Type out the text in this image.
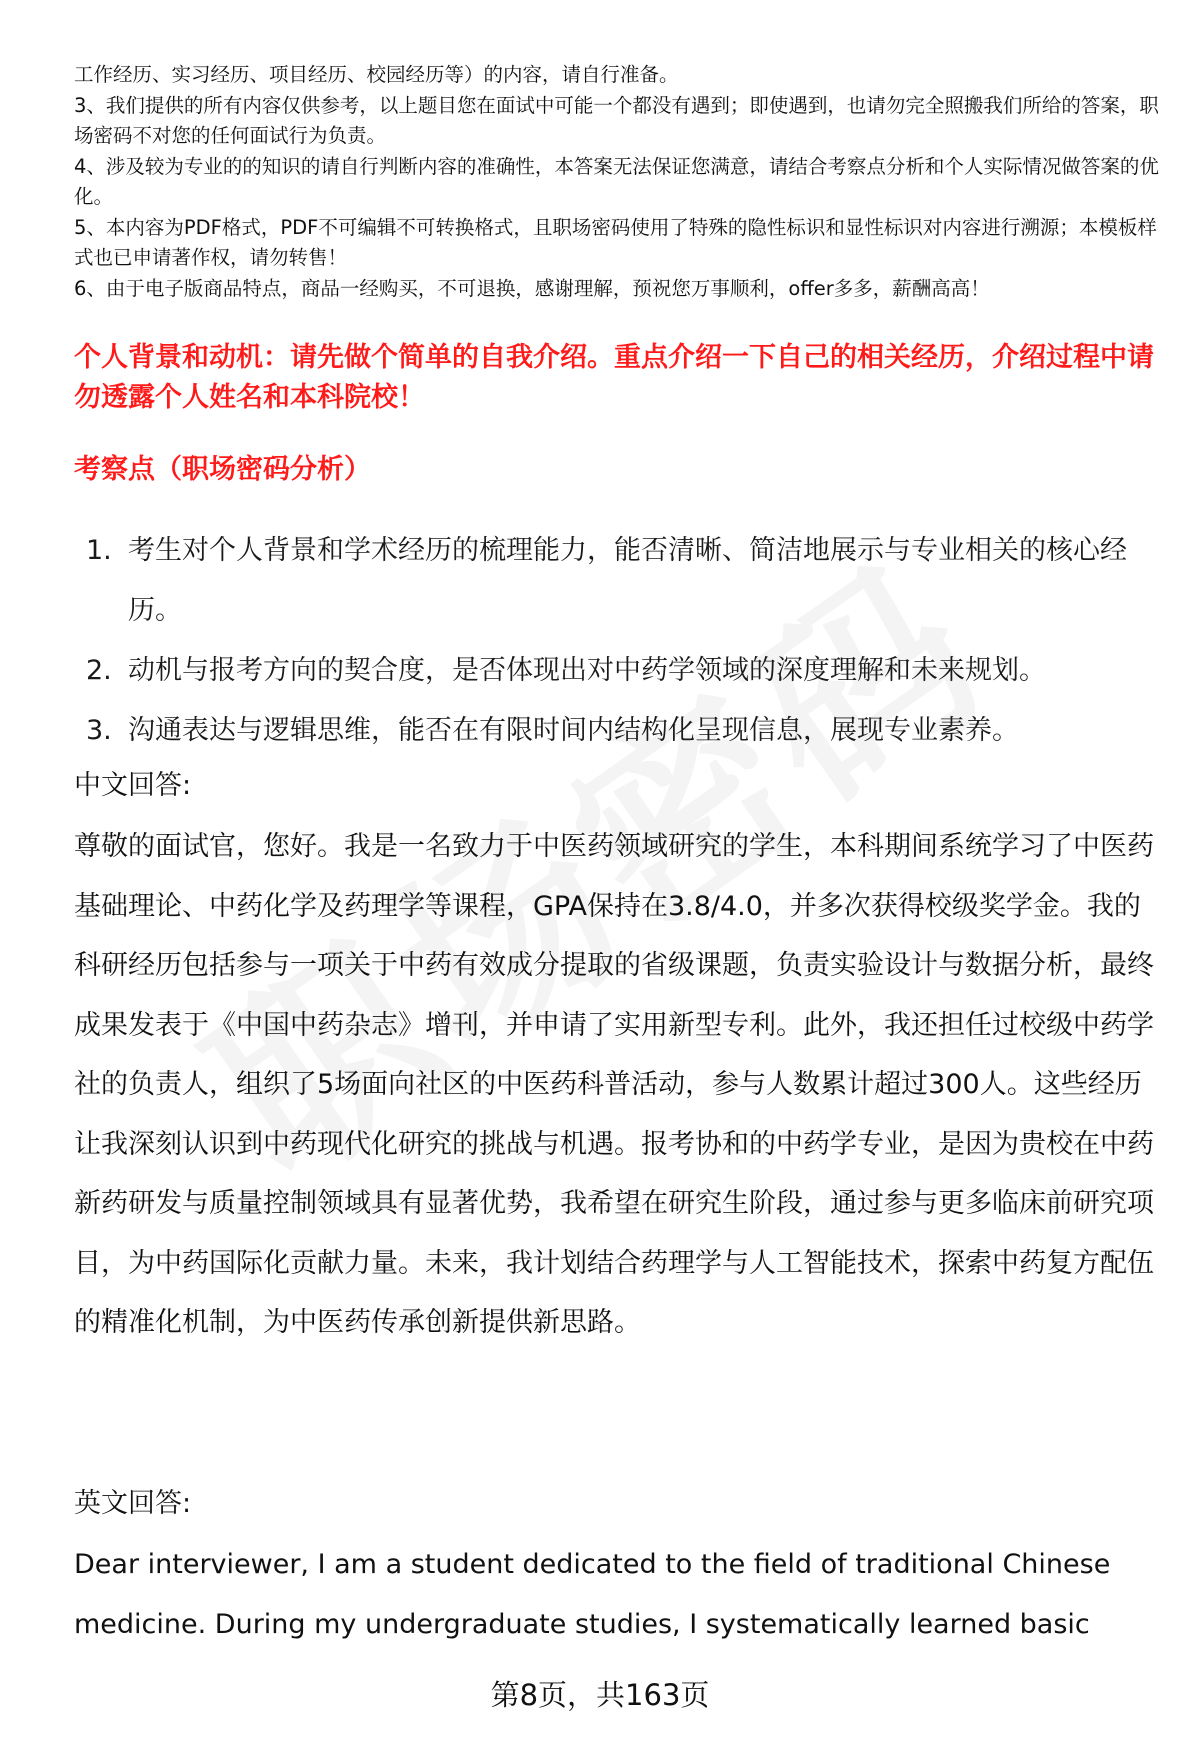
工作经历、实习经历、项目经历、校园经历等）的内容，请自行准备。

3、我们提供的所有内容仅供参考，以上题目您在面试中可能一个都没有遇到；即使遇到，也请勿完全照搬我们所给的答案，职场密码不对您的任何面试行为负责。

4、涉及较为专业的的知识的请自行判断内容的准确性，本答案无法保证您满意，请结合考察点分析和个人实际情况做答案的优化。

5、本内容为PDF格式，PDF不可编辑不可转换格式，且职场密码使用了特殊的隐性标识和显性标识对内容进行溯源；本模板样式也已申请著作权，请勿转售！

6、由于电子版商品特点，商品一经购买，不可退换，感谢理解，预祝您万事顺利，offer多多，薪酬高高！

个人背景和动机：请先做个简单的自我介绍。重点介绍一下自己的相关经历，介绍过程中请勿透露个人姓名和本科院校！
考察点（职场密码分析）
1. 考生对个人背景和学术经历的梳理能力，能否清晰、简洁地展示与专业相关的核心经历。
2. 动机与报考方向的契合度，是否体现出对中药学领域的深度理解和未来规划。
3. 沟通表达与逻辑思维，能否在有限时间内结构化呈现信息，展现专业素养。
中文回答:

尊敬的面试官，您好。我是一名致力于中医药领域研究的学生，本科期间系统学习了中医药基础理论、中药化学及药理学等课程，GPA保持在3.8/4.0，并多次获得校级奖学金。我的科研经历包括参与一项关于中药有效成分提取的省级课题，负责实验设计与数据分析，最终成果发表于《中国中药杂志》增刊，并申请了实用新型专利。此外，我还担任过校级中药学社的负责人，组织了5场面向社区的中医药科普活动，参与人数累计超过300人。这些经历让我深刻认识到中药现代化研究的挑战与机遇。报考协和的中药学专业，是因为贵校在中药新药研发与质量控制领域具有显著优势，我希望在研究生阶段，通过参与更多临床前研究项目，为中药国际化贡献力量。未来，我计划结合药理学与人工智能技术，探索中药复方配伍的精准化机制，为中医药传承创新提供新思路。

英文回答:

Dear interviewer, I am a student dedicated to the field of traditional Chinese medicine. During my undergraduate studies, I systematically learned basic

第8页，共163页
